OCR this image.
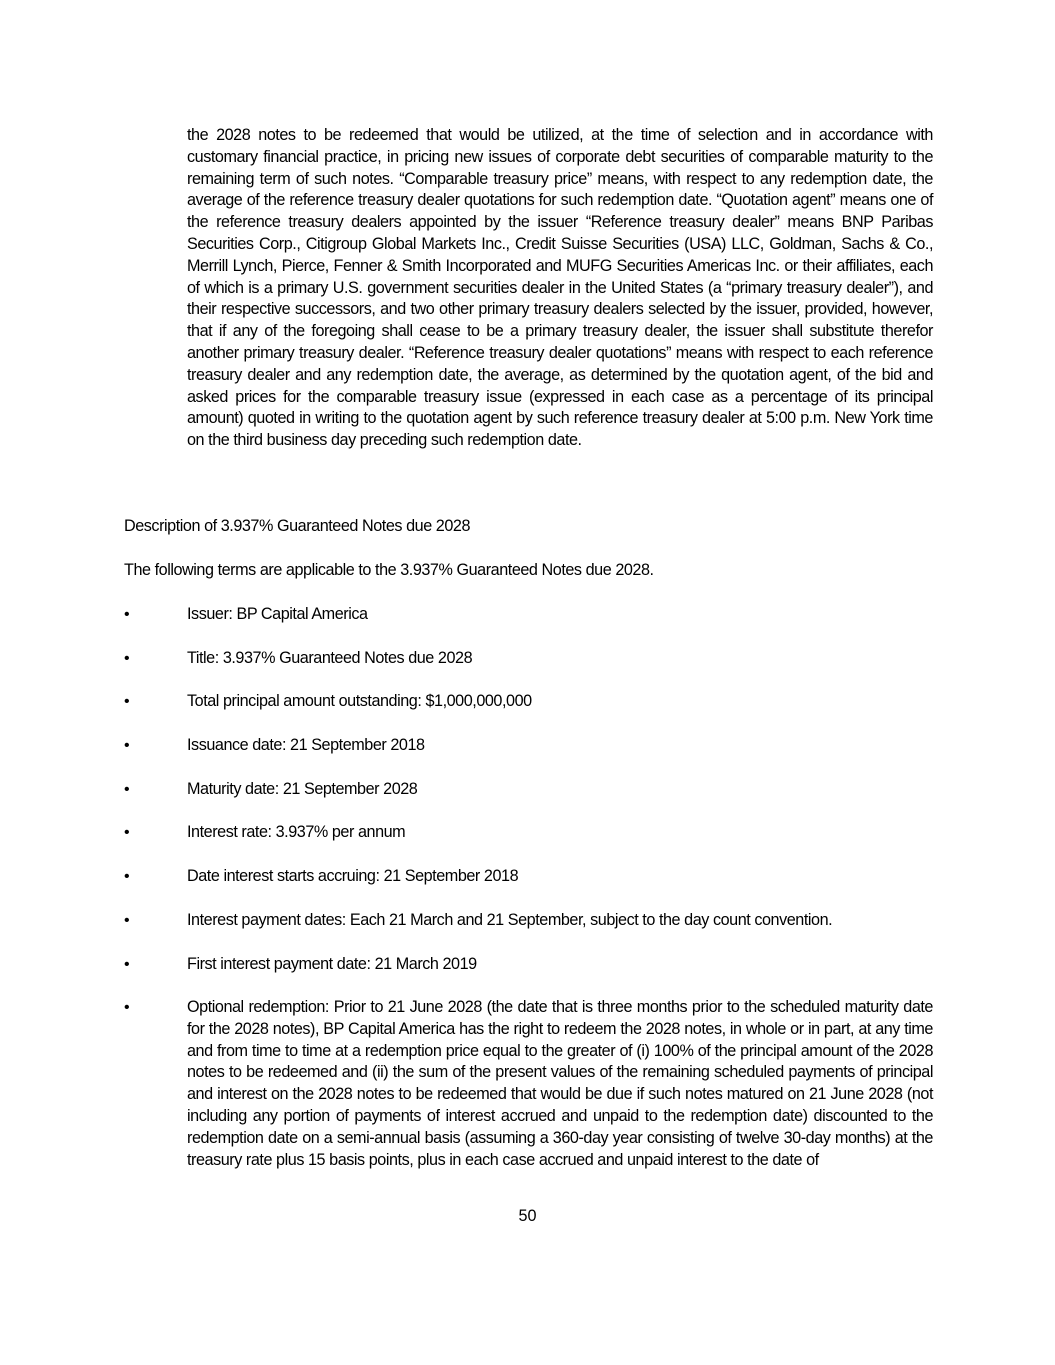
the 2028 notes to be redeemed that would be utilized, at the time of selection and in accordance with customary financial practice, in pricing new issues of corporate debt securities of comparable maturity to the remaining term of such notes. “Comparable treasury price” means, with respect to any redemption date, the average of the reference treasury dealer quotations for such redemption date. “Quotation agent” means one of the reference treasury dealers appointed by the issuer “Reference treasury dealer” means BNP Paribas Securities Corp., Citigroup Global Markets Inc., Credit Suisse Securities (USA) LLC, Goldman, Sachs & Co., Merrill Lynch, Pierce, Fenner & Smith Incorporated and MUFG Securities Americas Inc. or their affiliates, each of which is a primary U.S. government securities dealer in the United States (a “primary treasury dealer”), and their respective successors, and two other primary treasury dealers selected by the issuer, provided, however, that if any of the foregoing shall cease to be a primary treasury dealer, the issuer shall substitute therefor another primary treasury dealer. “Reference treasury dealer quotations” means with respect to each reference treasury dealer and any redemption date, the average, as determined by the quotation agent, of the bid and asked prices for the comparable treasury issue (expressed in each case as a percentage of its principal amount) quoted in writing to the quotation agent by such reference treasury dealer at 5:00 p.m. New York time on the third business day preceding such redemption date.

Description of 3.937% Guaranteed Notes due 2028

The following terms are applicable to the 3.937% Guaranteed Notes due 2028.

•	Issuer: BP Capital America

•	Title: 3.937% Guaranteed Notes due 2028

•	Total principal amount outstanding: $1,000,000,000

•	Issuance date: 21 September 2018

•	Maturity date: 21 September 2028

•	Interest rate: 3.937% per annum

•	Date interest starts accruing: 21 September 2018

•	Interest payment dates: Each 21 March and 21 September, subject to the day count convention.

•	First interest payment date: 21 March 2019

•	Optional redemption: Prior to 21 June 2028 (the date that is three months prior to the scheduled maturity date for the 2028 notes), BP Capital America has the right to redeem the 2028 notes, in whole or in part, at any time and from time to time at a redemption price equal to the greater of (i) 100% of the principal amount of the 2028 notes to be redeemed and (ii) the sum of the present values of the remaining scheduled payments of principal and interest on the 2028 notes to be redeemed that would be due if such notes matured on 21 June 2028 (not including any portion of payments of interest accrued and unpaid to the redemption date) discounted to the redemption date on a semi-annual basis (assuming a 360-day year consisting of twelve 30-day months) at the treasury rate plus 15 basis points, plus in each case accrued and unpaid interest to the date of

50
